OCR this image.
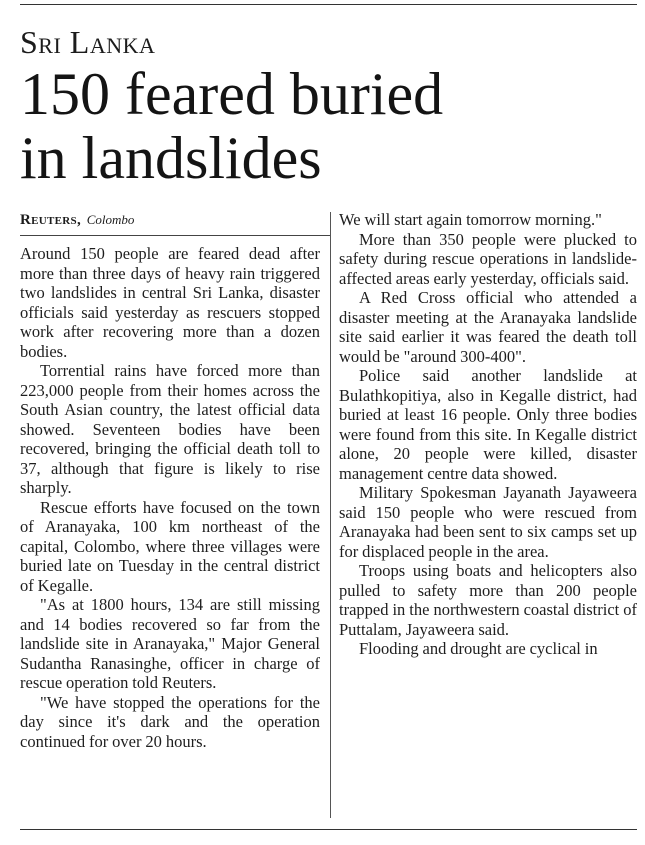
Sri Lanka
150 feared buried
in landslides
Reuters, Colombo

Around 150 people are feared dead after more than three days of heavy rain triggered two landslides in central Sri Lanka, disaster officials said yesterday as rescuers stopped work after recovering more than a dozen bodies.

Torrential rains have forced more than 223,000 people from their homes across the South Asian country, the latest official data showed. Seventeen bodies have been recovered, bringing the official death toll to 37, although that figure is likely to rise sharply.

Rescue efforts have focused on the town of Aranayaka, 100 km northeast of the capital, Colombo, where three villages were buried late on Tuesday in the central district of Kegalle.

"As at 1800 hours, 134 are still missing and 14 bodies recovered so far from the landslide site in Aranayaka," Major General Sudantha Ranasinghe, officer in charge of rescue operation told Reuters.

"We have stopped the operations for the day since it's dark and the operation continued for over 20 hours.

We will start again tomorrow morning."

More than 350 people were plucked to safety during rescue operations in landslide-affected areas early yesterday, officials said.

A Red Cross official who attended a disaster meeting at the Aranayaka landslide site said earlier it was feared the death toll would be "around 300-400".

Police said another landslide at Bulathkopitiya, also in Kegalle district, had buried at least 16 people. Only three bodies were found from this site. In Kegalle district alone, 20 people were killed, disaster management centre data showed.

Military Spokesman Jayanath Jayaweera said 150 people who were rescued from Aranayaka had been sent to six camps set up for displaced people in the area.

Troops using boats and helicopters also pulled to safety more than 200 people trapped in the northwestern coastal district of Puttalam, Jayaweera said.

Flooding and drought are cyclical in
